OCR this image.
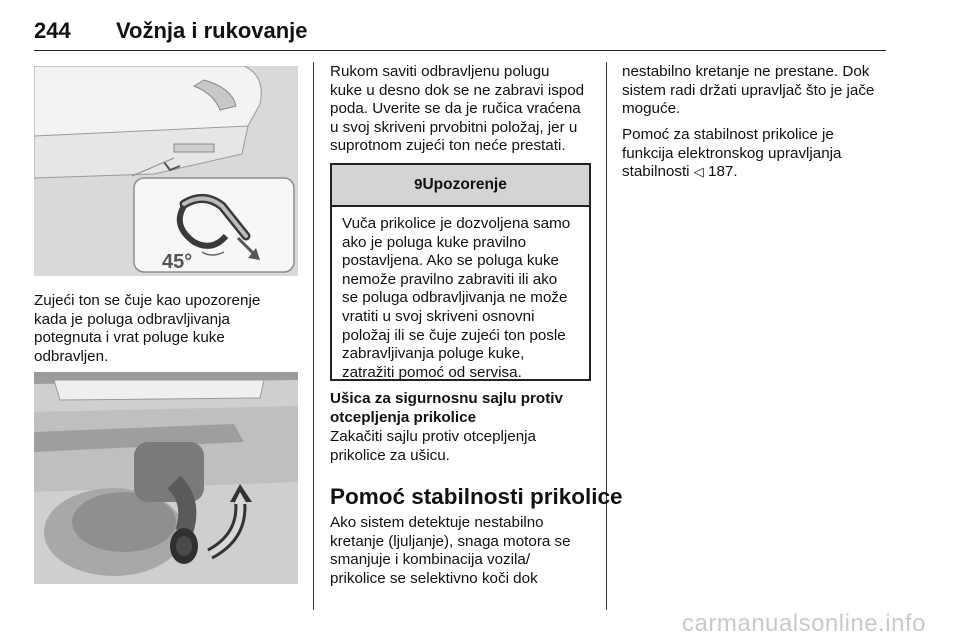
244 Vožnja i rukovanje
45°

Zujeći ton se čuje kao upozorenje
kada je poluga odbravljivanja
potegnuta i vrat poluge kuke
odbravljen.

Rukom saviti odbravljenu polugu
kuke u desno dok se ne zabravi ispod
poda. Uverite se da je ručica vraćena
u svoj skriveni prvobitni položaj, jer u
suprotnom zujeći ton neće prestati.

9Upozorenje
Vuča prikolice je dozvoljena samo
ako je poluga kuke pravilno
postavljena. Ako se poluga kuke
nemože pravilno zabraviti ili ako
se poluga odbravljivanja ne može
vratiti u svoj skriveni osnovni
položaj ili se čuje zujeći ton posle
zabravljivanja poluge kuke,
zatražiti pomoć od servisa.

Ušica za sigurnosnu sajlu protiv
otcepljenja prikolice

Zakačiti sajlu protiv otcepljenja
prikolice za ušicu.

Pomoć stabilnosti prikolice

Ako sistem detektuje nestabilno
kretanje (ljuljanje), snaga motora se
smanjuje i kombinacija vozila/
prikolice se selektivno koči dok

nestabilno kretanje ne prestane. Dok
sistem radi držati upravljač što je jače
moguće.

Pomoć za stabilnost prikolice je
funkcija elektronskog upravljanja
stabilnosti ◁ 187.

carmanualsonline.info
